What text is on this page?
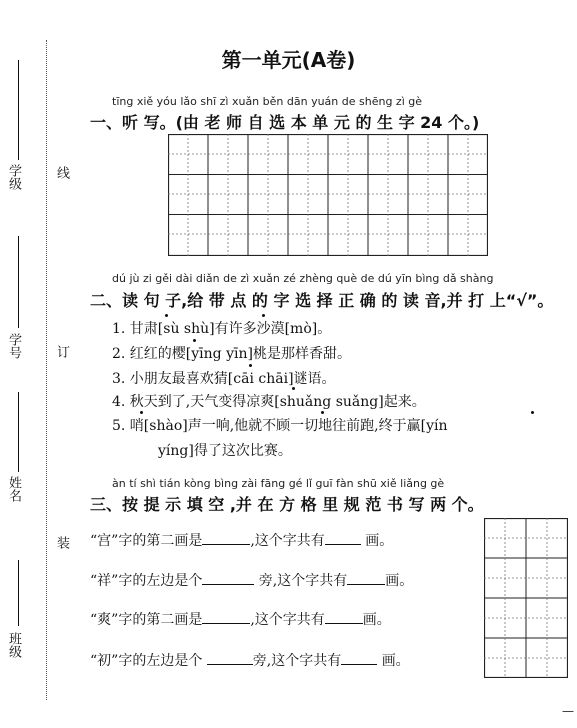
学级	线
学号	订
姓名
装
班级
第一单元(A卷)
tīng xiě yóu lǎo shī zì xuǎn běn dān yuán de shēng zì gè
一、听 写。(由 老 师 自 选 本 单 元 的 生 字 24 个。)
dú jù zi gěi dài diǎn de zì xuǎn zé zhèng què de dú yīn bìng dǎ shàng
二、读 句 子,给 带 点 的 字 选 择 正 确 的 读 音,并 打 上“√”。
1. 甘肃[sù shù]有许多沙漠[mò]。
2. 红红的樱[yīng yīn]桃是那样香甜。
3. 小朋友最喜欢猜[cāi chāi]谜语。
4. 秋天到了,天气变得凉爽[shuǎng suǎng]起来。
5. 哨[shào]声一响,他就不顾一切地往前跑,终于赢[yín
yíng]得了这次比赛。
àn tí shì tián kòng bìng zài fāng gé lǐ guī fàn shū xiě liǎng gè
三、按 提 示 填 空 ,并 在 方 格 里 规 范 书 写 两 个。
“宫”字的第二画是	,这个字共有	画。
“祥”字的左边是个	旁,这个字共有	画。
“爽”字的第二画是	,这个字共有	画。
“初”字的左边是个	旁,这个字共有	画。
—
